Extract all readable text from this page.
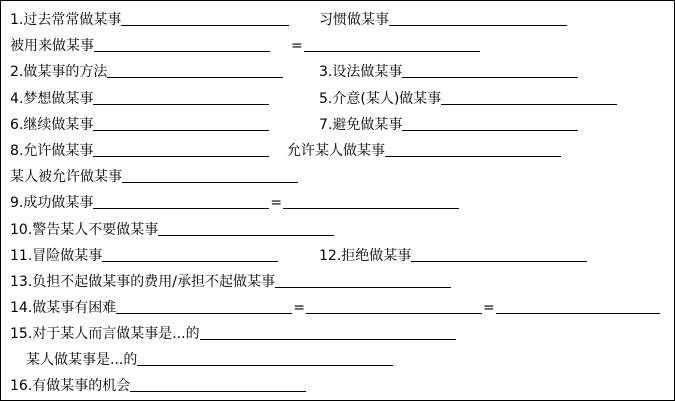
1.过去常常做某事	习惯做某事
被用来做某事	=
2.做某事的方法	3.设法做某事
4.梦想做某事	5.介意(某人)做某事
6.继续做某事	7.避免做某事
8.允许做某事	允许某人做某事
某人被允许做某事
9.成功做某事	=
10.警告某人不要做某事
11.冒险做某事	12.拒绝做某事
13.负担不起做某事的费用/承担不起做某事
14.做某事有困难	=	=
15.对于某人而言做某事是...的
某人做某事是...的
16.有做某事的机会
